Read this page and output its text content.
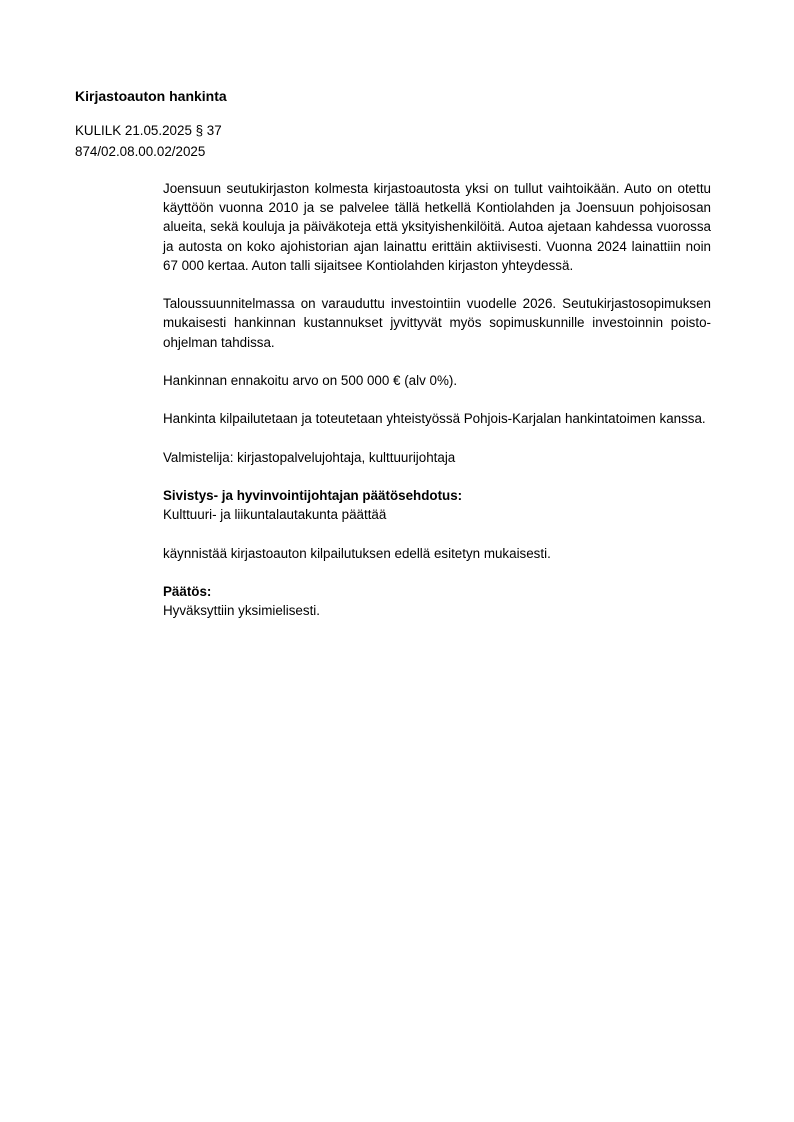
Kirjastoauton hankinta
KULILK 21.05.2025 § 37
874/02.08.00.02/2025

Joensuun seutukirjaston kolmesta kirjastoautosta yksi on tullut vaihtoikään. Auto on otettu käyttöön vuonna 2010 ja se palvelee tällä hetkellä Kontiolahden ja Joensuun pohjoisosan alueita, sekä kouluja ja päiväkoteja että yksityishenkilöitä. Autoa ajetaan kahdessa vuorossa ja autosta on koko ajohistorian ajan lainattu erittäin aktiivisesti. Vuonna 2024 lainattiin noin 67 000 kertaa. Auton talli sijaitsee Kontiolahden kirjaston yhteydessä.

Taloussuunnitelmassa on varauduttu investointiin vuodelle 2026. Seutukirjastosopimuksen mukaisesti hankinnan kustannukset jyvittyvät myös sopimuskunnille investoinnin poisto-ohjelman tahdissa.

Hankinnan ennakoitu arvo on 500 000 € (alv 0%).

Hankinta kilpailutetaan ja toteutetaan yhteistyössä Pohjois-Karjalan hankintatoimen kanssa.

Valmistelija: kirjastopalvelujohtaja, kulttuurijohtaja

Sivistys- ja hyvinvointijohtajan päätösehdotus:
Kulttuuri- ja liikuntalautakunta päättää

käynnistää kirjastoauton kilpailutuksen edellä esitetyn mukaisesti.

Päätös:
Hyväksyttiin yksimielisesti.
